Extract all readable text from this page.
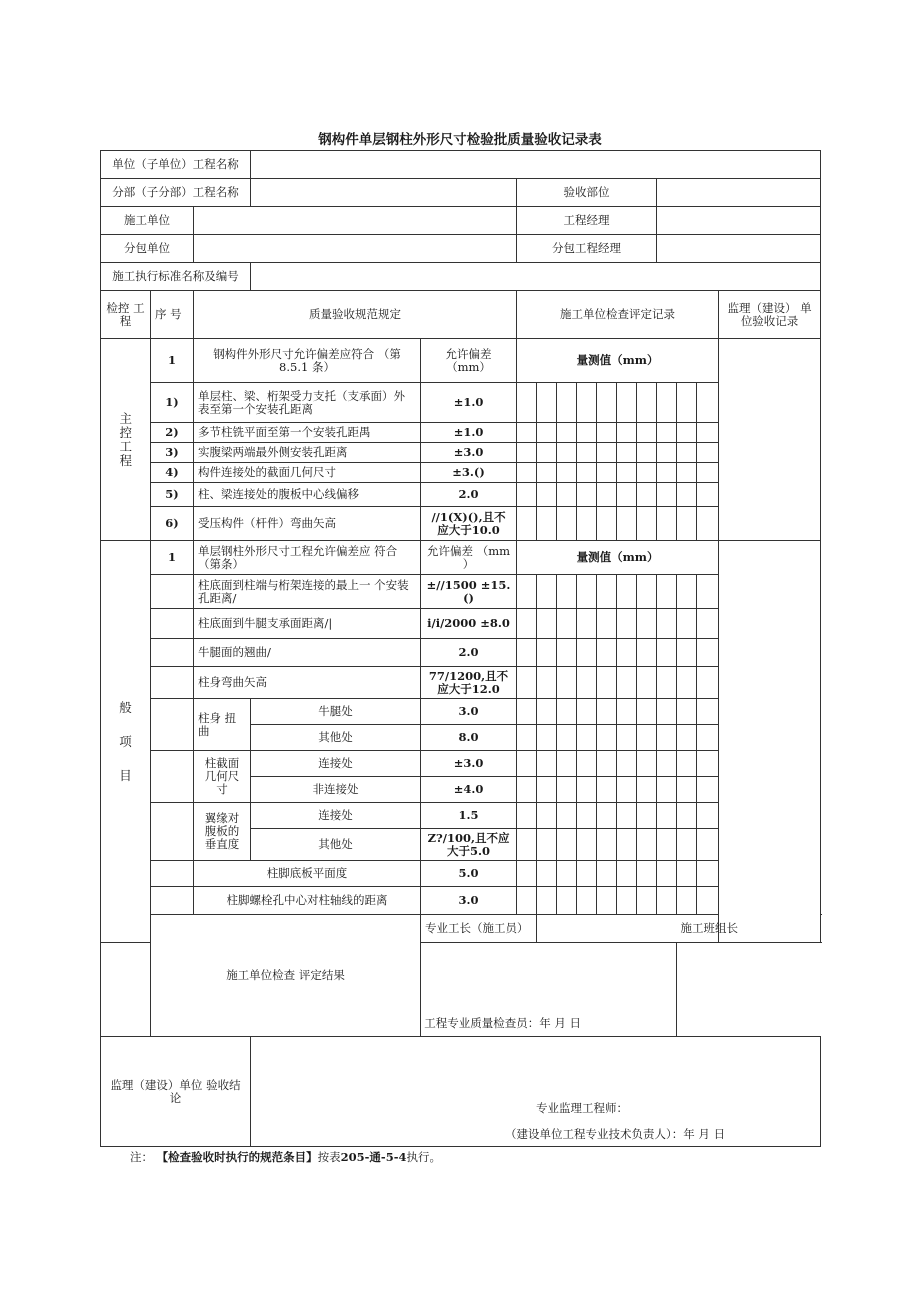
钢构件单层钢柱外形尺寸检验批质量验收记录表
单位（子单位）工程名称																
分部（子分部）工程名称					验收部位											
施工单位					工程经理											
分包单位					分包工程经理											
施工执行标准名称及编号																
检控 工程	序 号	质量验收规范规定			施工单位检查评定记录										监理（建设） 单位验收记录	

主控工程	1	钢构件外形尺寸允许偏差应符合 （第 8.5.1 条）		允许偏差 （mm）	量测值（mm）											
	1)	单层柱、梁、桁架受力支托（支承面）外表至第一个安装孔距离		±1.0												
	2)	多节柱铣平面至第一个安装孔距禺		±1.0												
	3)	实腹梁两端最外侧安装孔距离		±3.0												
	4)	构件连接处的截面几何尺寸		±3.()												
	5)	柱、梁连接处的腹板中心线偏移		2.0												
	6)	受压构件（杆件）弯曲矢高		//1(X)(),且不 应大于10.0												

般项目	1	单层钢柱外形尺寸工程允许偏差应 符合（第条）		允许偏差 （mm ）	量测值（mm）											
		柱底面到柱端与桁架连接的最上一 个安装孔距离/		±//1500 ±15.()												
		柱底面到牛腿支承面距离/|		i/i/2000 ±8.0												
		牛腿面的翘曲/		2.0												
		柱身弯曲矢高		77/1200,且不 应大于12.0												
		柱身 扭曲	牛腿处	3.0												
			其他处	8.0												
		柱截面 几何尺 寸	连接处	±3.0												
			非连接处	±4.0												
		翼缘对 腹板的 垂直度	连接处	1.5												
			其他处	Z?/100,且不应 大于5.0												
		柱脚底板平面度		5.0												
		柱脚螺栓孔中心对柱轴线的距离		3.0												
	施工单位检查 评定结果			专业工长（施工员）									施工班组长			

工程专业质量检查员：年 月 日																
监理（建设）单位 验收结论																
			专业监理工程师：													
			（建设单位工程专业技术负责人）：年 月 日													
注： 【检查验收时执行的规范条目】按表205-通-5-4执行。
